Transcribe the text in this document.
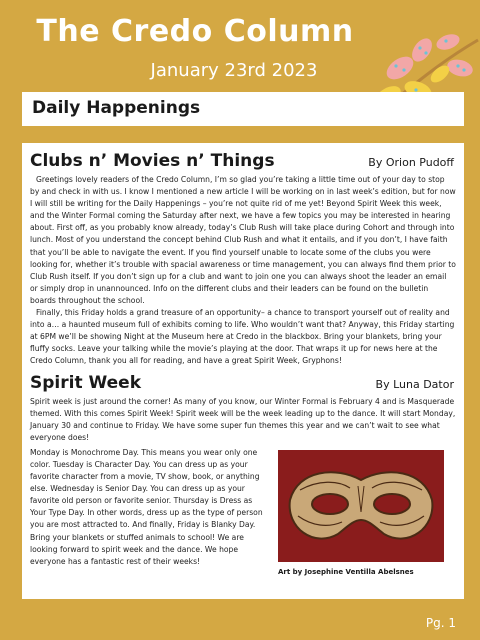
The Credo Column
January 23rd 2023
Daily Happenings
Clubs n’ Movies n’ Things	By Orion Pudoff

Greetings lovely readers of the Credo Column, I’m so glad you’re taking a little time out of your day to stop by and check in with us. I know I mentioned a new article I will be working on in last week’s edition, but for now I will still be writing for the Daily Happenings – you’re not quite rid of me yet! Beyond Spirit Week this week, and the Winter Formal coming the Saturday after next, we have a few topics you may be interested in hearing about. First off, as you probably know already, today’s Club Rush will take place during Cohort and through into lunch. Most of you understand the concept behind Club Rush and what it entails, and if you don’t, I have faith that you’ll be able to navigate the event. If you find yourself unable to locate some of the clubs you were looking for, whether it’s trouble with spacial awareness or time management, you can always find them prior to Club Rush itself. If you don’t sign up for a club and want to join one you can always shoot the leader an email or simply drop in unannounced. Info on the different clubs and their leaders can be found on the bulletin boards throughout the school.

Finally, this Friday holds a grand treasure of an opportunity– a chance to transport yourself out of reality and into a… a haunted museum full of exhibits coming to life. Who wouldn’t want that? Anyway, this Friday starting at 6PM we’ll be showing Night at the Museum here at Credo in the blackbox. Bring your blankets, bring your fluffy socks. Leave your talking while the movie’s playing at the door. That wraps it up for news here at the Credo Column, thank you all for reading, and have a great Spirit Week, Gryphons!

Spirit Week	By Luna Dator

Spirit week is just around the corner! As many of you know, our Winter Formal is February 4 and is Masquerade themed. With this comes Spirit Week! Spirit week will be the week leading up to the dance. It will start Monday, January 30 and continue to Friday. We have some super fun themes this year and we can’t wait to see what everyone does!

Monday is Monochrome Day. This means you wear only one color. Tuesday is Character Day. You can dress up as your favorite character from a movie, TV show, book, or anything else. Wednesday is Senior Day. You can dress up as your favorite old person or favorite senior. Thursday is Dress as Your Type Day. In other words, dress up as the type of person you are most attracted to. And finally, Friday is Blanky Day. Bring your blankets or stuffed animals to school! We are looking forward to spirit week and the dance. We hope everyone has a fantastic rest of their weeks!

Art by Josephine Ventilla Abelsnes
Pg. 1
